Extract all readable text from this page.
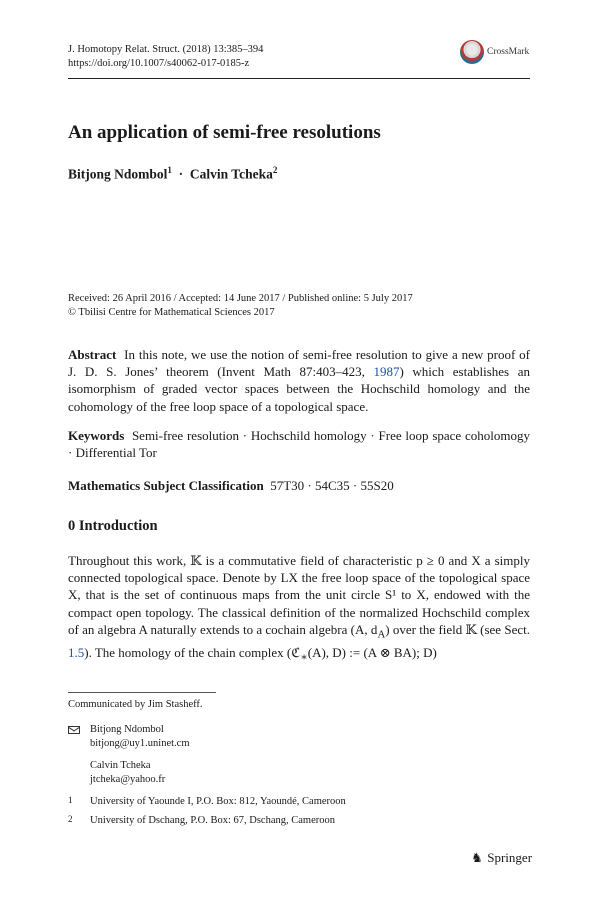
J. Homotopy Relat. Struct. (2018) 13:385–394
https://doi.org/10.1007/s40062-017-0185-z
CrossMark
An application of semi-free resolutions
Bitjong Ndombol$^1$ · Calvin Tcheka$^2$
Received: 26 April 2016 / Accepted: 14 June 2017 / Published online: 5 July 2017
© Tbilisi Centre for Mathematical Sciences 2017
Abstract In this note, we use the notion of semi-free resolution to give a new proof of J. D. S. Jones’ theorem (Invent Math 87:403–423, 1987) which establishes an isomorphism of graded vector spaces between the Hochschild homology and the cohomology of the free loop space of a topological space.
Keywords Semi-free resolution · Hochschild homology · Free loop space coholomogy · Differential Tor
Mathematics Subject Classification 57T30 · 54C35 · 55S20
0 Introduction
Throughout this work, 𝕂 is a commutative field of characteristic p ≥ 0 and X a simply connected topological space. Denote by LX the free loop space of the topological space X, that is the set of continuous maps from the unit circle S¹ to X, endowed with the compact open topology. The classical definition of the normalized Hochschild complex of an algebra A naturally extends to a cochain algebra (A, $d_A$) over the field 𝕂 (see Sect. 1.5). The homology of the chain complex (ℭ$_∗$(A), D) := (A ⊗ BA); D)
Communicated by Jim Stasheff.
Bitjong Ndombol
bitjong@uy1.uninet.cm
Calvin Tcheka
jtcheka@yahoo.fr
1 University of Yaounde I, P.O. Box: 812, Yaoundé, Cameroon
2 University of Dschang, P.O. Box: 67, Dschang, Cameroon
♞ Springer
